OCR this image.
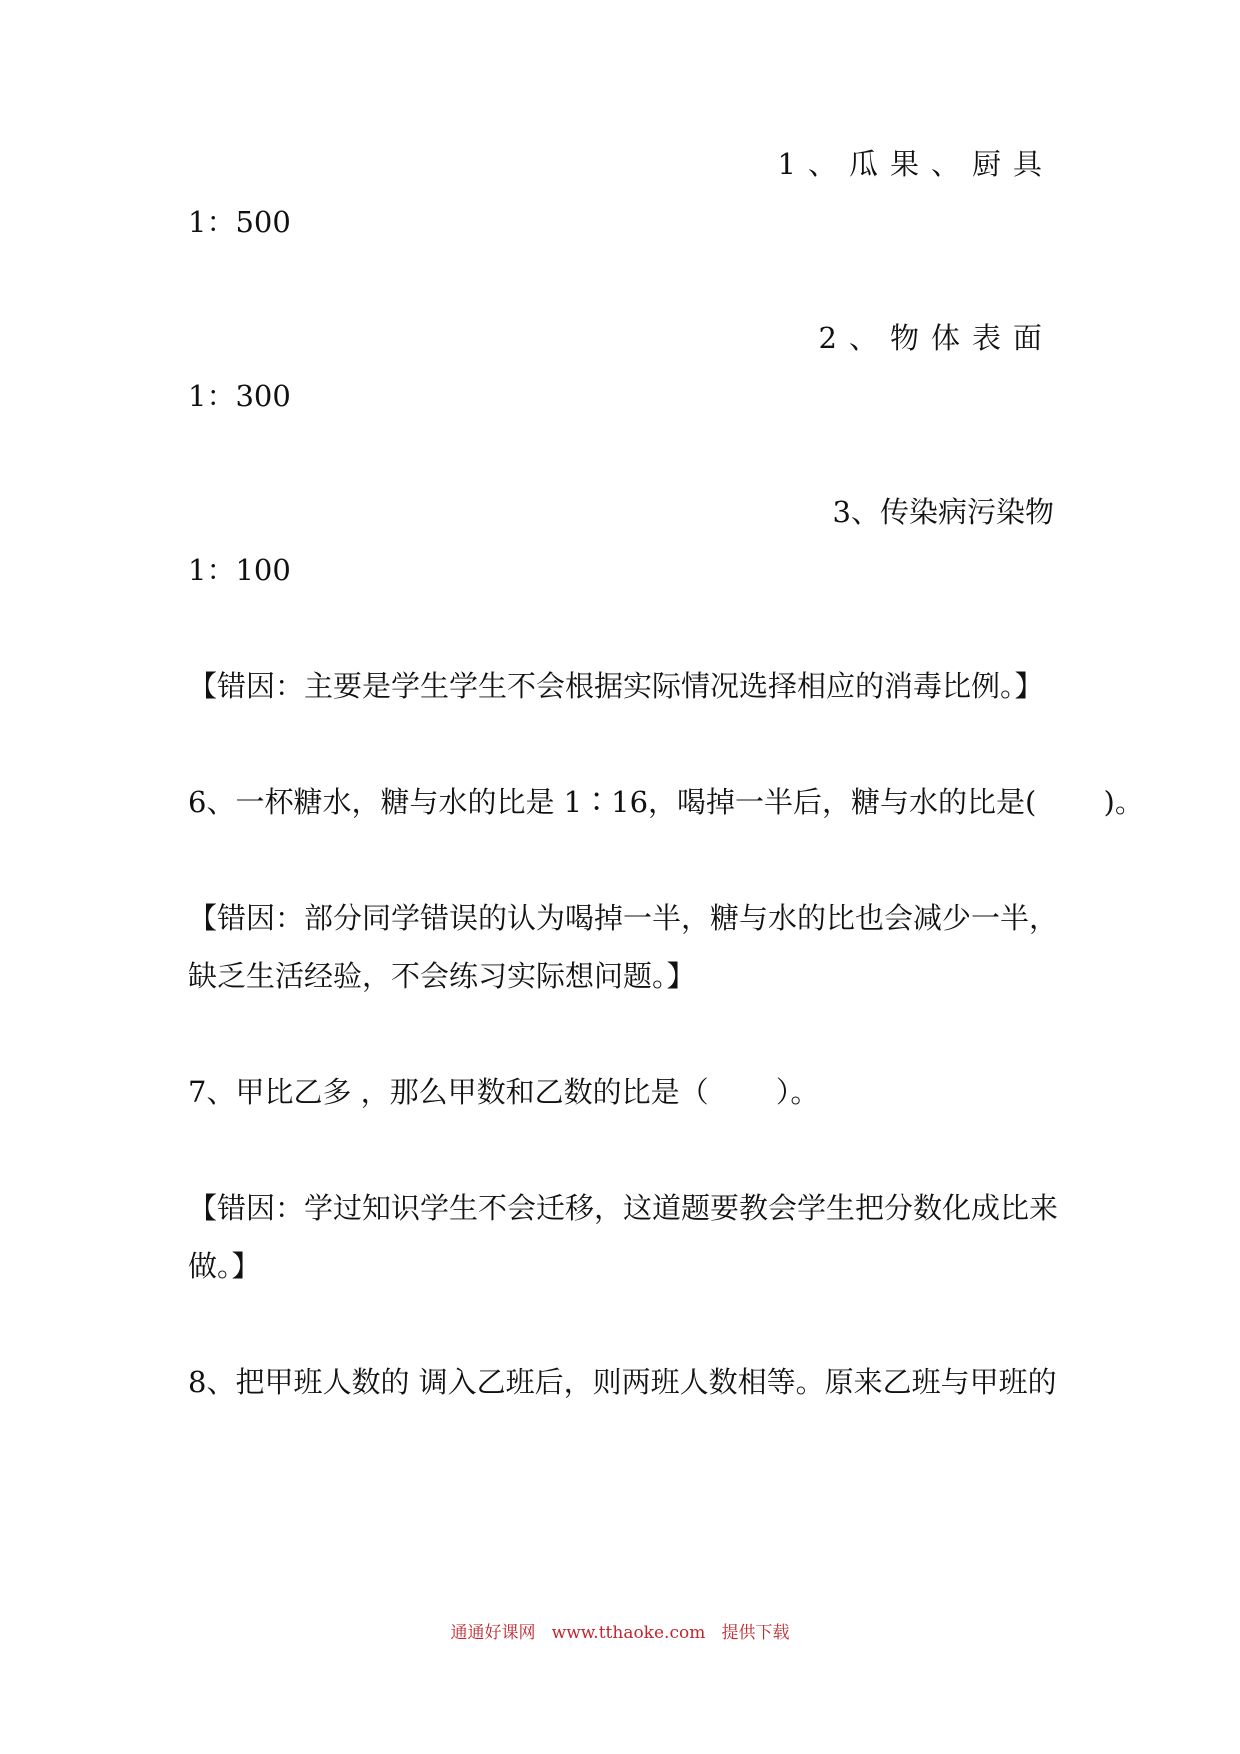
1、瓜果、厨具
1：500
2、物体表面
1：300
3、传染病污染物
1：100
【错因：主要是学生学生不会根据实际情况选择相应的消毒比例。】
6、一杯糖水，糖与水的比是 1∶16，喝掉一半后，糖与水的比是(　　 )。
【错因：部分同学错误的认为喝掉一半，糖与水的比也会减少一半，
缺乏生活经验，不会练习实际想问题。】
7、甲比乙多 ，那么甲数和乙数的比是（　　 ）。
【错因：学过知识学生不会迁移，这道题要教会学生把分数化成比来
做。】
8、把甲班人数的 调入乙班后，则两班人数相等。原来乙班与甲班的
通通好课网   www.tthaoke.com   提供下载
